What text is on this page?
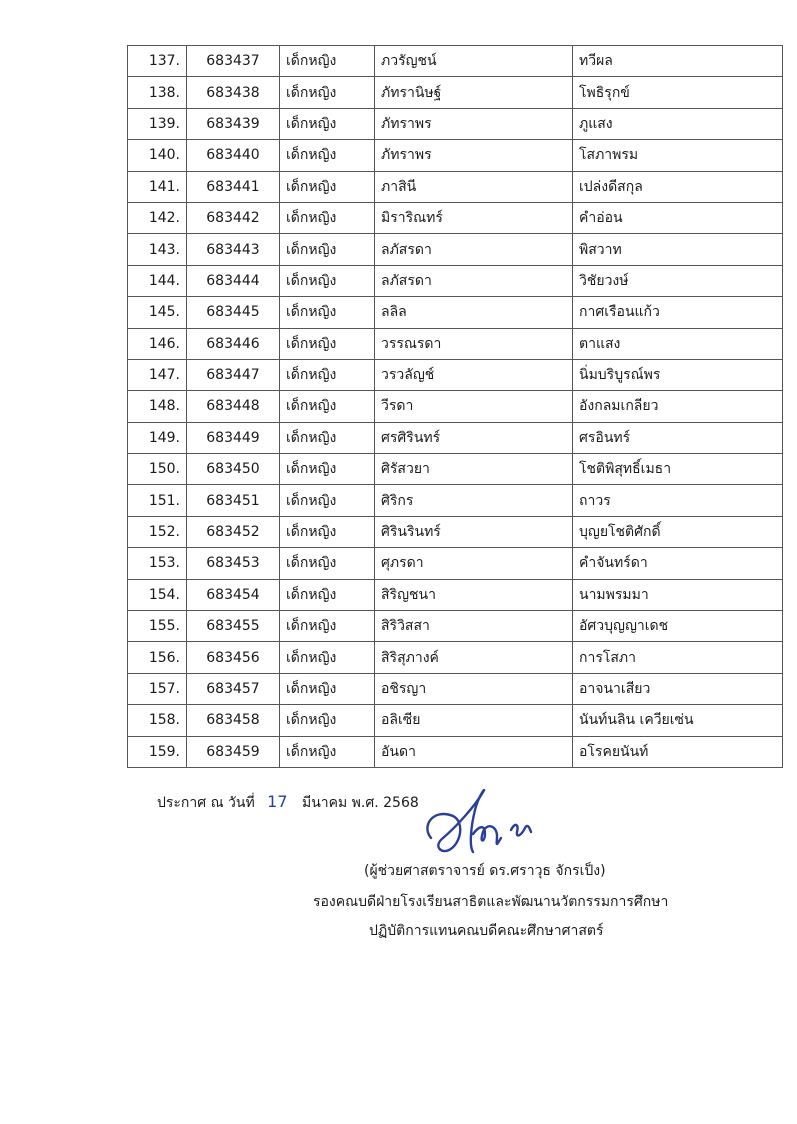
137.	683437	เด็กหญิง	ภวรัญชน์	ทวีผล
138.	683438	เด็กหญิง	ภัทรานิษฐ์	โพธิรุกข์
139.	683439	เด็กหญิง	ภัทราพร	ภูแสง
140.	683440	เด็กหญิง	ภัทราพร	โสภาพรม
141.	683441	เด็กหญิง	ภาสินี	เปล่งดีสกุล
142.	683442	เด็กหญิง	มิราริณทร์	คำอ่อน
143.	683443	เด็กหญิง	ลภัสรดา	พิสวาท
144.	683444	เด็กหญิง	ลภัสรดา	วิชัยวงษ์
145.	683445	เด็กหญิง	ลลิล	กาศเรือนแก้ว
146.	683446	เด็กหญิง	วรรณรดา	ตาแสง
147.	683447	เด็กหญิง	วรวลัญช์	นิ่มบริบูรณ์พร
148.	683448	เด็กหญิง	วีรดา	อังกลมเกลียว
149.	683449	เด็กหญิง	ศรศิรินทร์	ศรอินทร์
150.	683450	เด็กหญิง	ศิรัสวยา	โชติพิสุทธิ์เมธา
151.	683451	เด็กหญิง	ศิริกร	ถาวร
152.	683452	เด็กหญิง	ศิรินรินทร์	บุญยโชติศักดิ์
153.	683453	เด็กหญิง	ศุภรดา	คำจันทร์ดา
154.	683454	เด็กหญิง	สิริญชนา	นามพรมมา
155.	683455	เด็กหญิง	สิริวิสสา	อัศวบุญญาเดช
156.	683456	เด็กหญิง	สิริสุภางค์	การโสภา
157.	683457	เด็กหญิง	อชิรญา	อาจนาเสียว
158.	683458	เด็กหญิง	อลิเซีย	นันท์นลิน เควียเซ่น
159.	683459	เด็กหญิง	อันดา	อโรคยนันท์
ประกาศ ณ วันที่ 17 มีนาคม พ.ศ. 2568
(ผู้ช่วยศาสตราจารย์ ดร.ศราวุธ จักรเป็ง)
รองคณบดีฝ่ายโรงเรียนสาธิตและพัฒนานวัตกรรมการศึกษา
ปฏิบัติการแทนคณบดีคณะศึกษาศาสตร์
